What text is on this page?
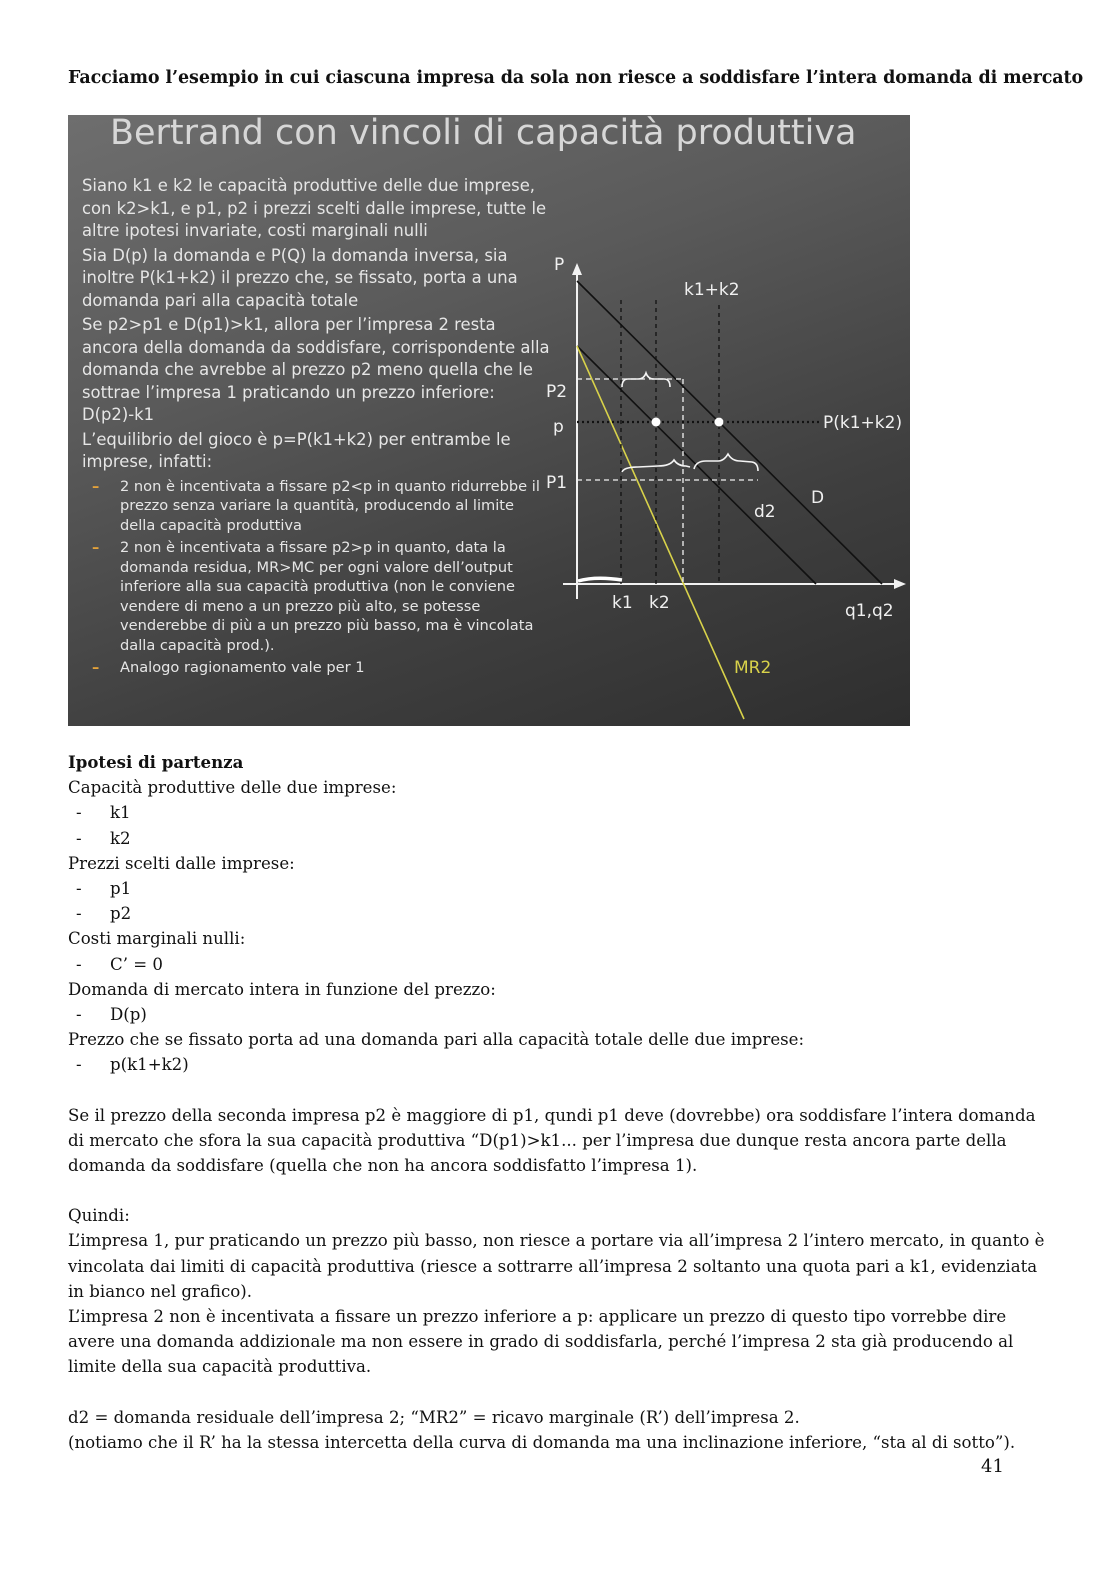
Facciamo l’esempio in cui ciascuna impresa da sola non riesce a soddisfare l’intera domanda di mercato
Bertrand con vincoli di capacità produttiva

Siano k1 e k2 le capacità produttive delle due imprese, con k2>k1, e p1, p2 i prezzi scelti dalle imprese, tutte le altre ipotesi invariate, costi marginali nulli

Sia D(p) la domanda e P(Q) la domanda inversa, sia inoltre P(k1+k2) il prezzo che, se fissato, porta a una domanda pari alla capacità totale

Se p2>p1 e D(p1)>k1, allora per l’impresa 2 resta ancora della domanda da soddisfare, corrispondente alla domanda che avrebbe al prezzo p2 meno quella che le sottrae l’impresa 1 praticando un prezzo inferiore: D(p2)-k1

L’equilibrio del gioco è p=P(k1+k2) per entrambe le imprese, infatti:

– 2 non è incentivata a fissare p2<p in quanto ridurrebbe il prezzo senza variare la quantità, producendo al limite della capacità produttiva
– 2 non è incentivata a fissare p2>p in quanto, data la domanda residua, MR>MC per ogni valore dell’output inferiore alla sua capacità produttiva (non le conviene vendere di meno a un prezzo più alto, se potesse venderebbe di più a un prezzo più basso, ma è vincolata dalla capacità prod.).
– Analogo ragionamento vale per 1
P
P2
p
P1
k1+k2
P(k1+k2)
D
d2
MR2
k1 k2	q1,q2
Ipotesi di partenza
Capacità produttive delle due imprese:
- k1
- k2
Prezzi scelti dalle imprese:
- p1
- p2
Costi marginali nulli:
- C’ = 0
Domanda di mercato intera in funzione del prezzo:
- D(p)
Prezzo che se fissato porta ad una domanda pari alla capacità totale delle due imprese:
- p(k1+k2)
Se il prezzo della seconda impresa p2 è maggiore di p1, qundi p1 deve (dovrebbe) ora soddisfare l’intera domanda di mercato che sfora la sua capacità produttiva “D(p1)>k1... per l’impresa due dunque resta ancora parte della domanda da soddisfare (quella che non ha ancora soddisfatto l’impresa 1).
Quindi:
L’impresa 1, pur praticando un prezzo più basso, non riesce a portare via all’impresa 2 l’intero mercato, in quanto è vincolata dai limiti di capacità produttiva (riesce a sottrarre all’impresa 2 soltanto una quota pari a k1, evidenziata in bianco nel grafico).
L’impresa 2 non è incentivata a fissare un prezzo inferiore a p: applicare un prezzo di questo tipo vorrebbe dire avere una domanda addizionale ma non essere in grado di soddisfarla, perché l’impresa 2 sta già producendo al limite della sua capacità produttiva.
d2 = domanda residuale dell’impresa 2; “MR2” = ricavo marginale (R’) dell’impresa 2.
(notiamo che il R’ ha la stessa intercetta della curva di domanda ma una inclinazione inferiore, “sta al di sotto”).
41
